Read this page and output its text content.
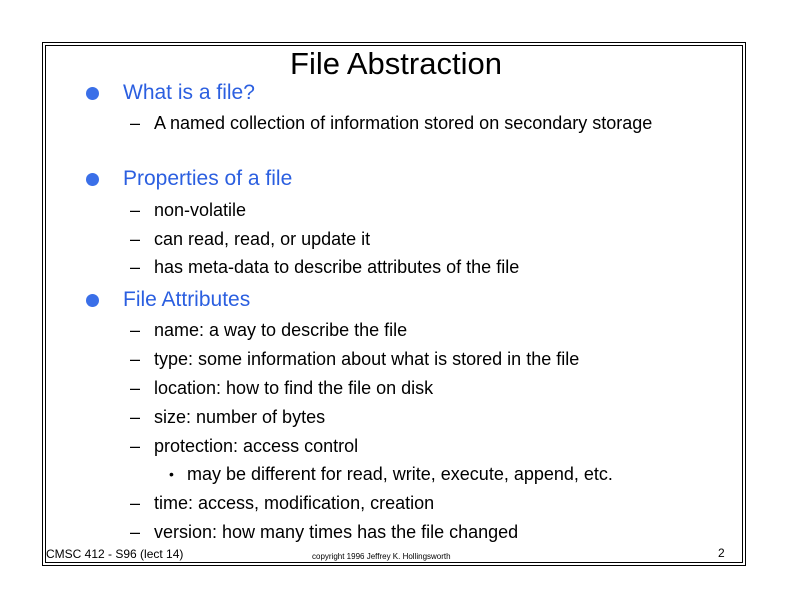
File Abstraction
What is a file?
– A named collection of information stored on secondary storage
Properties of a file
– non-volatile
– can read, read, or update it
– has meta-data to describe attributes of the file
File Attributes
– name: a way to describe the file
– type: some information about what is stored in the file
– location: how to find the file on disk
– size: number of bytes
– protection: access control
• may be different for read, write, execute, append, etc.
– time: access, modification, creation
– version: how many times has the file changed
CMSC 412 - S96 (lect 14)	copyright 1996 Jeffrey K. Hollingsworth	2
